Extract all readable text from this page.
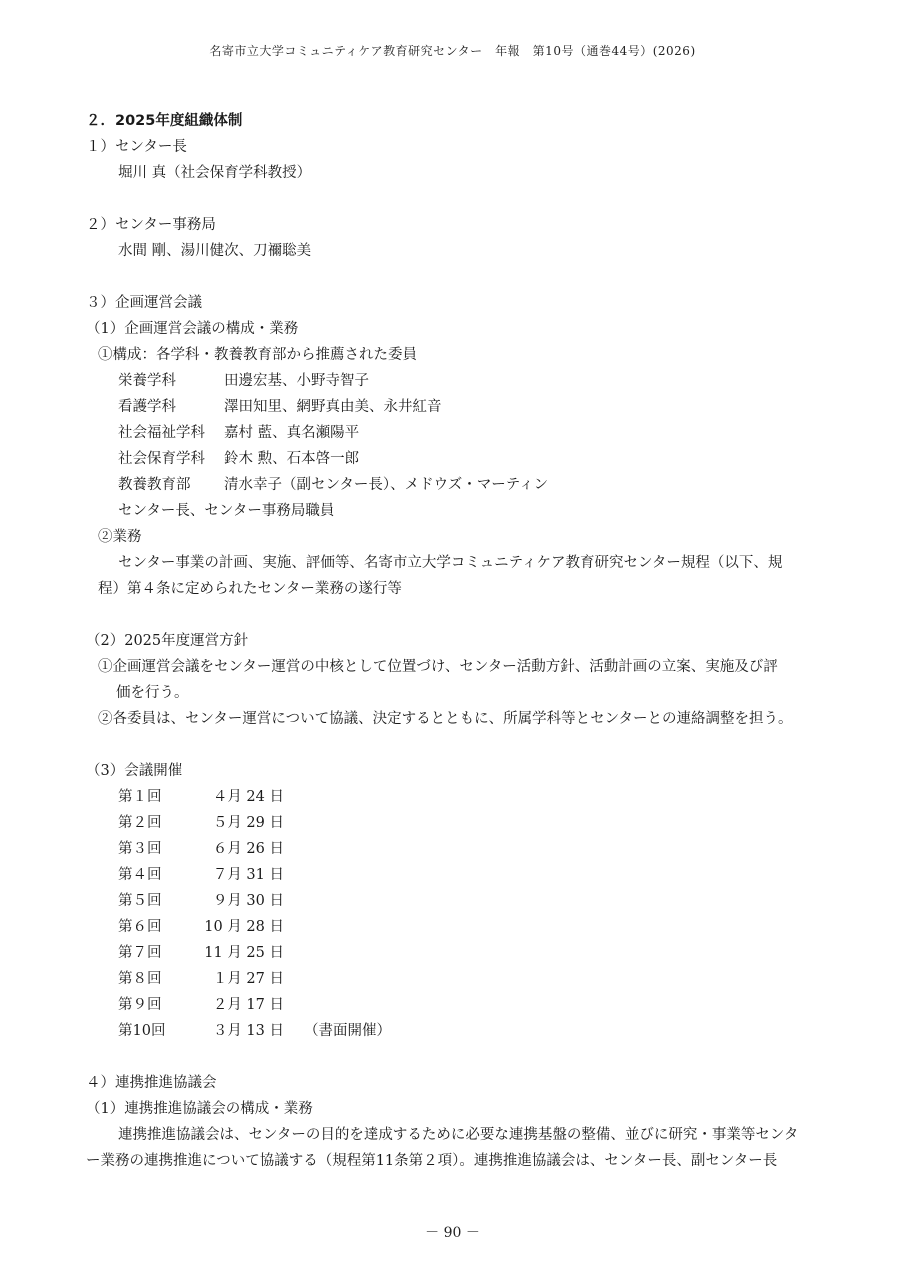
名寄市立大学コミュニティケア教育研究センター　年報　第10号（通巻44号）(2026)
２．2025年度組織体制
１）センター長
堀川 真（社会保育学科教授）
２）センター事務局
水間 剛、湯川健次、刀禰聡美
３）企画運営会議
（1）企画運営会議の構成・業務
①構成：各学科・教養教育部から推薦された委員
栄養学科	田邊宏基、小野寺智子
看護学科	澤田知里、網野真由美、永井紅音
社会福祉学科	嘉村 藍、真名瀬陽平
社会保育学科	鈴木 勲、石本啓一郎
教養教育部	清水幸子（副センター長）、メドウズ・マーティン
センター長、センター事務局職員
②業務
センター事業の計画、実施、評価等、名寄市立大学コミュニティケア教育研究センター規程（以下、規
程）第４条に定められたセンター業務の遂行等
（2）2025年度運営方針
①企画運営会議をセンター運営の中核として位置づけ、センター活動方針、活動計画の立案、実施及び評
価を行う。
②各委員は、センター運営について協議、決定するとともに、所属学科等とセンターとの連絡調整を担う。
（3）会議開催
第１回	４月 24 日
第２回	５月 29 日
第３回	６月 26 日
第４回	７月 31 日
第５回	９月 30 日
第６回	10 月 28 日
第７回	11 月 25 日
第８回	１月 27 日
第９回	２月 17 日
第10回	３月 13 日	（書面開催）
４）連携推進協議会
（1）連携推進協議会の構成・業務
連携推進協議会は、センターの目的を達成するために必要な連携基盤の整備、並びに研究・事業等センタ
ー業務の連携推進について協議する（規程第11条第２項）。連携推進協議会は、センター長、副センター長
－ 90 －
